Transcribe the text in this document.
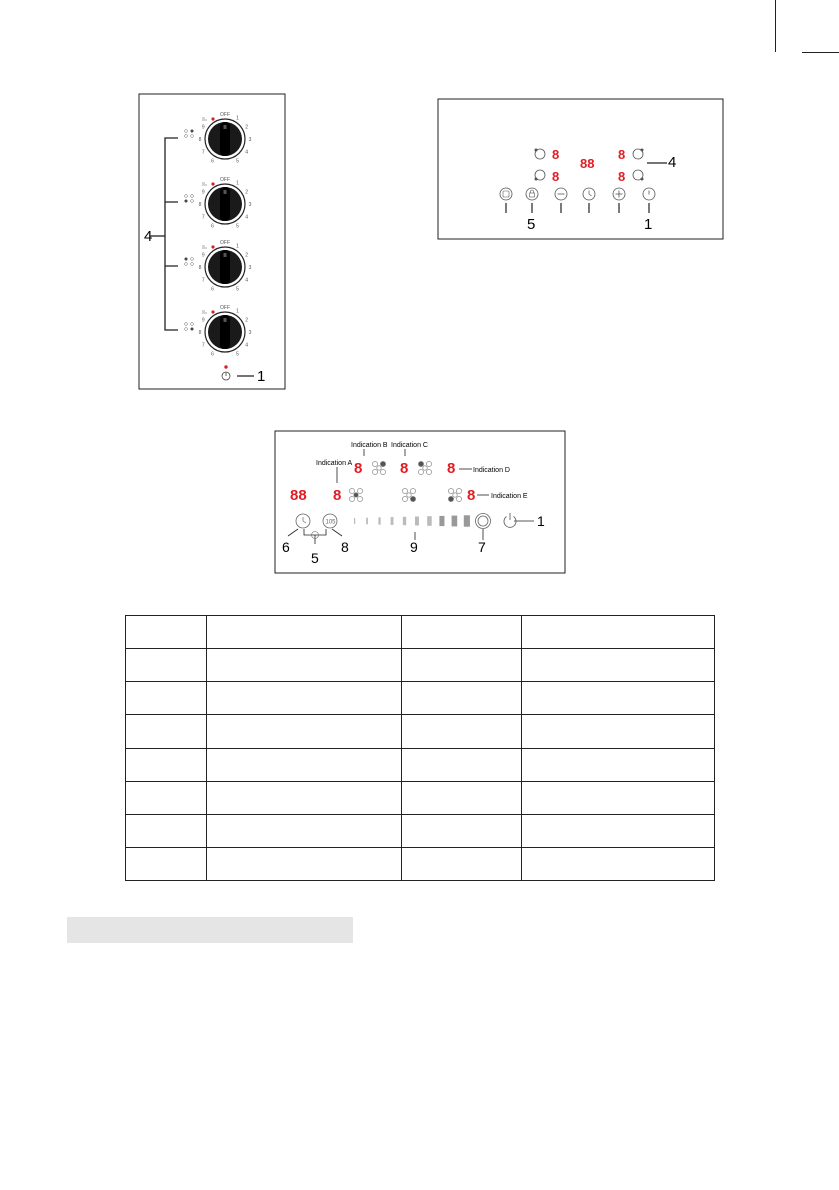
4
OFF
1
2
3
4
5
6
7
8
9
OFF
1
2
3
4
5
6
7
8
9
OFF
1
2
3
4
5
6
7
8
9
OFF
1
2
3
4
5
6
7
8
9
1
8
8
88
8
8
4
5	1
Indication B Indication C
Indication A
Indication D
Indication E
8	8	8
88 8	8
105	1
6	8	9	7
5
